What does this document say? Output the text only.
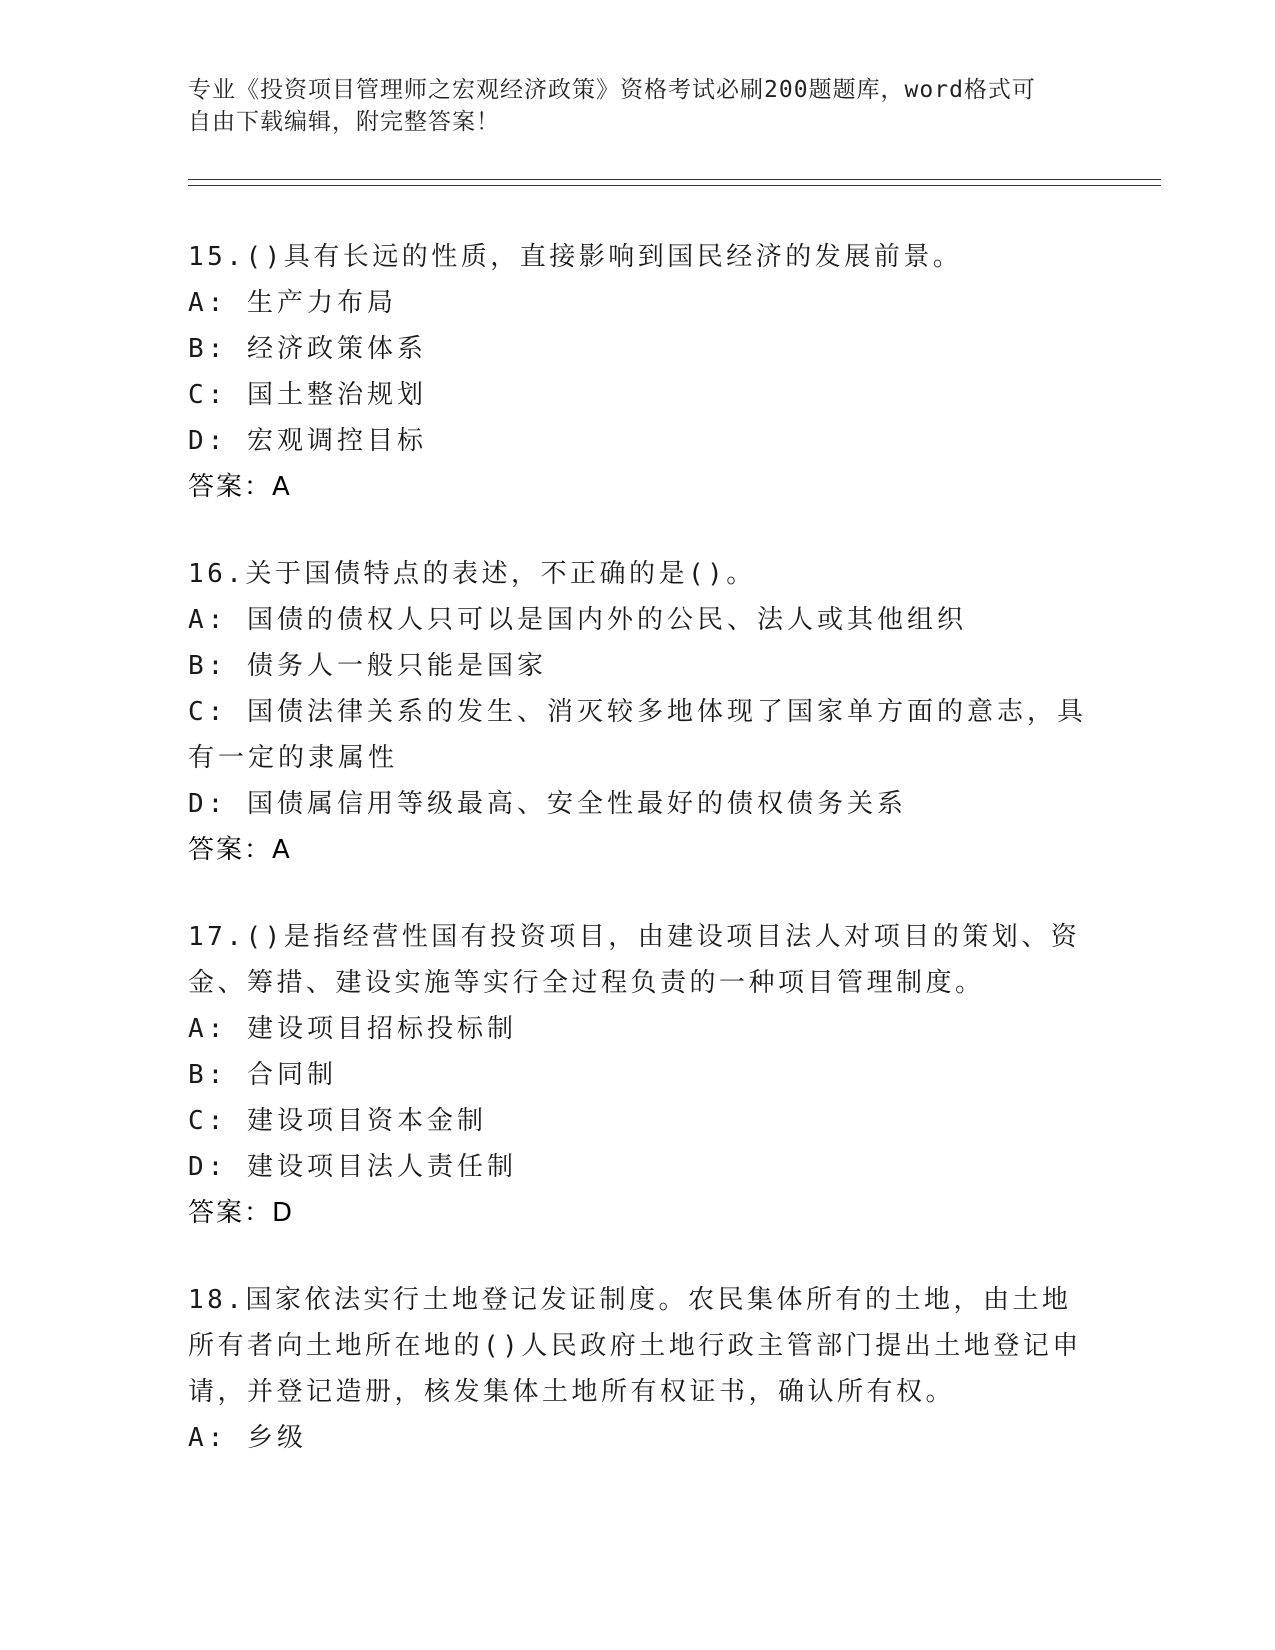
专业《投资项目管理师之宏观经济政策》资格考试必刷200题题库，word格式可
自由下载编辑，附完整答案！
15.()具有长远的性质，直接影响到国民经济的发展前景。
A: 生产力布局
B: 经济政策体系
C: 国土整治规划
D: 宏观调控目标
答案：A
16.关于国债特点的表述，不正确的是()。
A: 国债的债权人只可以是国内外的公民、法人或其他组织
B: 债务人一般只能是国家
C: 国债法律关系的发生、消灭较多地体现了国家单方面的意志，具有一定的隶属性
D: 国债属信用等级最高、安全性最好的债权债务关系
答案：A
17.()是指经营性国有投资项目，由建设项目法人对项目的策划、资金、筹措、建设实施等实行全过程负责的一种项目管理制度。
A: 建设项目招标投标制
B: 合同制
C: 建设项目资本金制
D: 建设项目法人责任制
答案：D
18.国家依法实行土地登记发证制度。农民集体所有的土地，由土地所有者向土地所在地的()人民政府土地行政主管部门提出土地登记申请，并登记造册，核发集体土地所有权证书，确认所有权。
A: 乡级
